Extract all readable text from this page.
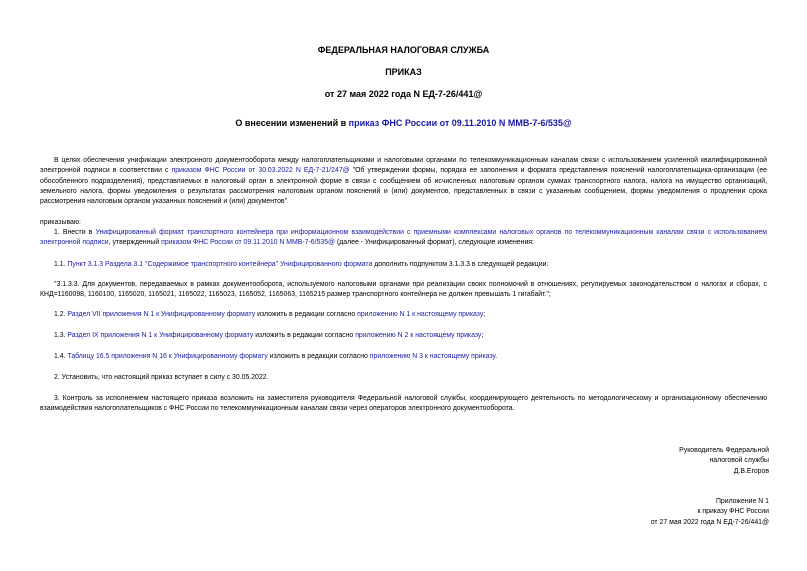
ФЕДЕРАЛЬНАЯ НАЛОГОВАЯ СЛУЖБА
ПРИКАЗ
от 27 мая 2022 года N ЕД-7-26/441@
О внесении изменений в приказ ФНС России от 09.11.2010 N ММВ-7-6/535@

В целях обеспечения унификации электронного документооборота между налогоплательщиками и налоговыми органами по телекоммуникационным каналам связи с использованием усиленной квалифицированной электронной подписи в соответствии с приказом ФНС России от 30.03.2022 N ЕД-7-21/247@ "Об утверждении формы, порядка ее заполнения и формата представления пояснений налогоплательщика-организации (ее обособленного подразделения), представляемых в налоговый орган в электронной форме в связи с сообщением об исчисленных налоговым органом суммах транспортного налога, налога на имущество организаций, земельного налога, формы уведомления о результатах рассмотрения налоговым органом пояснений и (или) документов, представленных в связи с указанным сообщением, формы уведомления о продлении срока рассмотрения налоговым органом указанных пояснений и (или) документов"

приказываю:

1. Внести в Унифицированный формат транспортного контейнера при информационном взаимодействии с приемными комплексами налоговых органов по телекоммуникационным каналам связи с использованием электронной подписи, утвержденный приказом ФНС России от 09.11.2010 N ММВ-7-6/535@ (далее - Унифицированный формат), следующие изменения:

1.1. Пункт 3.1.3 Раздела 3.1 "Содержимое транспортного контейнера" Унифицированного формата дополнить подпунктом 3.1.3.3 в следующей редакции:

"3.1.3.3. Для документов, передаваемых в рамках документооборота, используемого налоговыми органами при реализации своих полномочий в отношениях, регулируемых законодательством о налогах и сборах, с КНД=1160098, 1160100, 1165020, 1165021, 1165022, 1165023, 1165052, 1165063, 1165215 размер транспортного контейнера не должен превышать 1 гигабайт.";

1.2. Раздел VII приложения N 1 к Унифицированному формату изложить в редакции согласно приложению N 1 к настоящему приказу;

1.3. Раздел IX приложения N 1 к Унифицированному формату изложить в редакции согласно приложению N 2 к настоящему приказу;

1.4. Таблицу 16.5 приложения N 16 к Унифицированному формату изложить в редакции согласно приложению N 3 к настоящему приказу.

2. Установить, что настоящий приказ вступает в силу с 30.05.2022.

3. Контроль за исполнением настоящего приказа возложить на заместителя руководителя Федеральной налоговой службы, координирующего деятельность по методологическому и организационному обеспечению взаимодействия налогоплательщиков с ФНС России по телекоммуникационным каналам связи через операторов электронного документооборота.

Руководитель Федеральной
налоговой службы
Д.В.Егоров
Приложение N 1
к приказу ФНС России
от 27 мая 2022 года N ЕД-7-26/441@
